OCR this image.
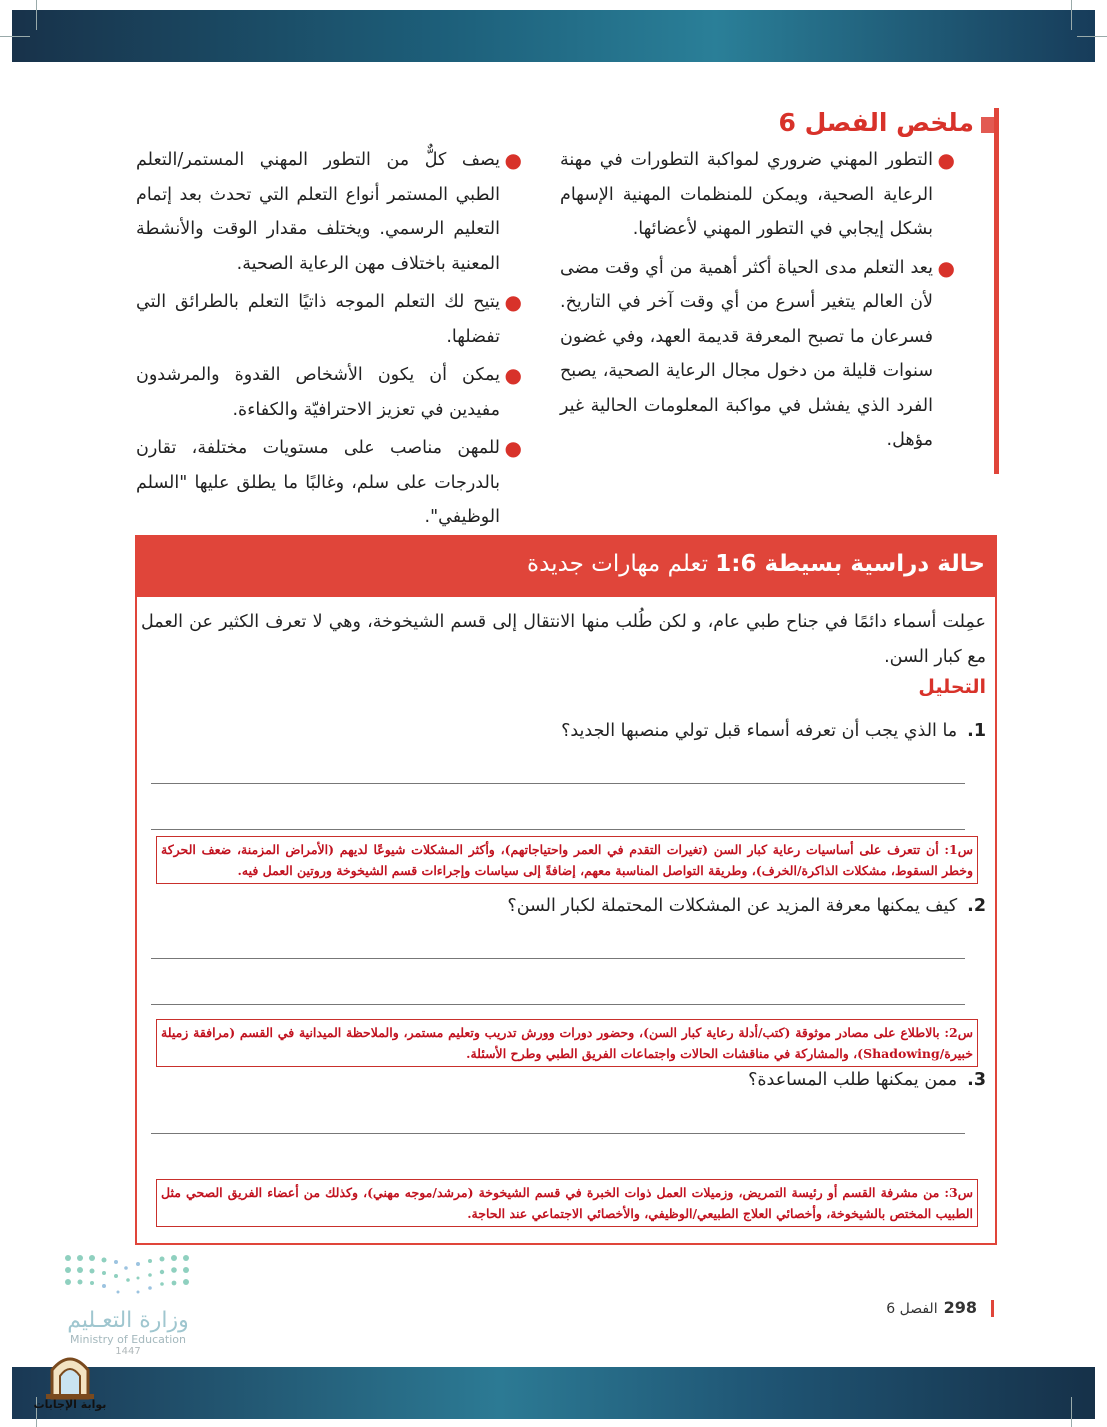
ملخص الفصل 6
●
التطور المهني ضروري لمواكبة التطورات في مهنة الرعاية الصحية، ويمكن للمنظمات المهنية الإسهام بشكل إيجابي في التطور المهني لأعضائها.
●
يعد التعلم مدى الحياة أكثر أهمية من أي وقت مضى لأن العالم يتغير أسرع من أي وقت آخر في التاريخ. فسرعان ما تصبح المعرفة قديمة العهد، وفي غضون سنوات قليلة من دخول مجال الرعاية الصحية، يصبح الفرد الذي يفشل في مواكبة المعلومات الحالية غير مؤهل.
●
يصف كلٌّ من التطور المهني المستمر/التعلم الطبي المستمر أنواع التعلم التي تحدث بعد إتمام التعليم الرسمي. ويختلف مقدار الوقت والأنشطة المعنية باختلاف مهن الرعاية الصحية.
●
يتيح لك التعلم الموجه ذاتيًا التعلم بالطرائق التي تفضلها.
●
يمكن أن يكون الأشخاص القدوة والمرشدون مفيدين في تعزيز الاحترافيّة والكفاءة.
●
للمهن مناصب على مستويات مختلفة، تقارن بالدرجات على سلم، وغالبًا ما يطلق عليها "السلم الوظيفي".
حالة دراسية بسيطة 1:6 تعلم مهارات جديدة
عمِلت أسماء دائمًا في جناح طبي عام، و لكن طُلب منها الانتقال إلى قسم الشيخوخة، وهي لا تعرف الكثير عن العمل مع كبار السن.
التحليل
1.ما الذي يجب أن تعرفه أسماء قبل تولي منصبها الجديد؟
س1: أن تتعرف على أساسيات رعاية كبار السن (تغيرات التقدم في العمر واحتياجاتهم)، وأكثر المشكلات شيوعًا لديهم (الأمراض المزمنة، ضعف الحركة وخطر السقوط، مشكلات الذاكرة/الخرف)، وطريقة التواصل المناسبة معهم، إضافةً إلى سياسات وإجراءات قسم الشيخوخة وروتين العمل فيه.
2.كيف يمكنها معرفة المزيد عن المشكلات المحتملة لكبار السن؟
س2: بالاطلاع على مصادر موثوقة (كتب/أدلة رعاية كبار السن)، وحضور دورات وورش تدريب وتعليم مستمر، والملاحظة الميدانية في القسم (مرافقة زميلة خبيرة/Shadowing)، والمشاركة في مناقشات الحالات واجتماعات الفريق الطبي وطرح الأسئلة.
3.ممن يمكنها طلب المساعدة؟
س3: من مشرفة القسم أو رئيسة التمريض، وزميلات العمل ذوات الخبرة في قسم الشيخوخة (مرشد/موجه مهني)، وكذلك من أعضاء الفريق الصحي مثل الطبيب المختص بالشيخوخة، وأخصائي العلاج الطبيعي/الوظيفي، والأخصائي الاجتماعي عند الحاجة.
298الفصل 6
وزارة التعـليم
Ministry of Education
1447
بوابة الإجابات
